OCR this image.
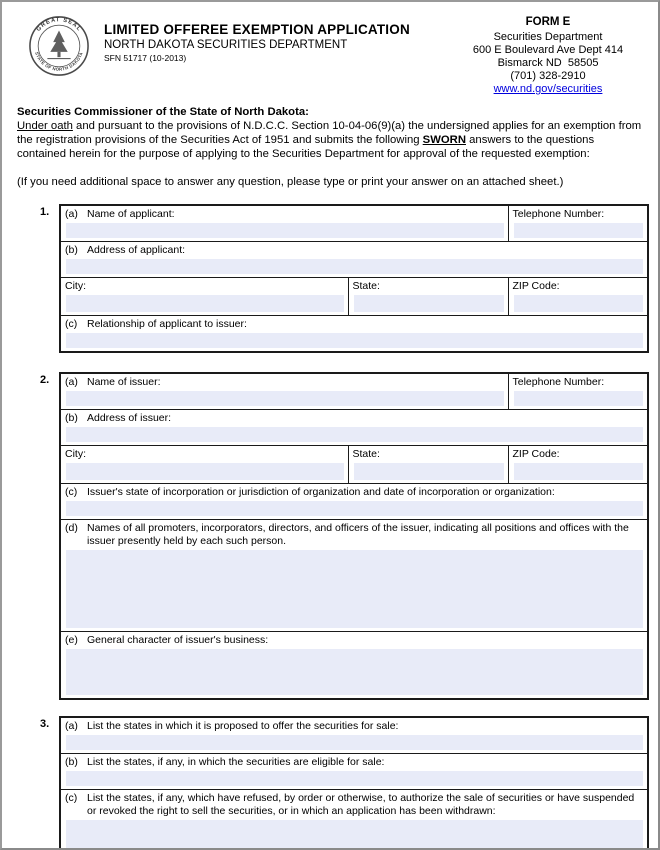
GREAT SEAL
STATE OF NORTH DAKOTA
LIMITED OFFEREE EXEMPTION APPLICATION
NORTH DAKOTA SECURITIES DEPARTMENT
SFN 51717 (10-2013)
FORM E
Securities Department
600 E Boulevard Ave Dept 414
Bismarck ND  58505
(701) 328-2910
www.nd.gov/securities
Securities Commissioner of the State of North Dakota:

Under oath and pursuant to the provisions of N.D.C.C. Section 10-04-06(9)(a) the undersigned applies for an exemption from the registration provisions of the Securities Act of 1951 and submits the following SWORN answers to the questions contained herein for the purpose of applying to the Securities Department for approval of the requested exemption:

(If you need additional space to answer any question, please type or print your answer on an attached sheet.)

1.	(a) Name of applicant:		Telephone Number:

(b) Address of applicant:		

City:	State:	ZIP Code:

(c) Relationship of applicant to issuer:		
2.	(a) Name of issuer:		Telephone Number:

(b) Address of issuer:		

City:	State:	ZIP Code:

(c) Issuer's state of incorporation or jurisdiction of organization and date of incorporation or organization:		

(d) Names of all promoters, incorporators, directors, and officers of the issuer, indicating all positions and offices with the issuer presently held by each such person.		

(e) General character of issuer's business:		
3.	(a) List the states in which it is proposed to offer the securities for sale:

(b) List the states, if any, in which the securities are eligible for sale:

(c) List the states, if any, which have refused, by order or otherwise, to authorize the sale of securities or have suspended or revoked the right to sell the securities, or in which an application has been withdrawn:
